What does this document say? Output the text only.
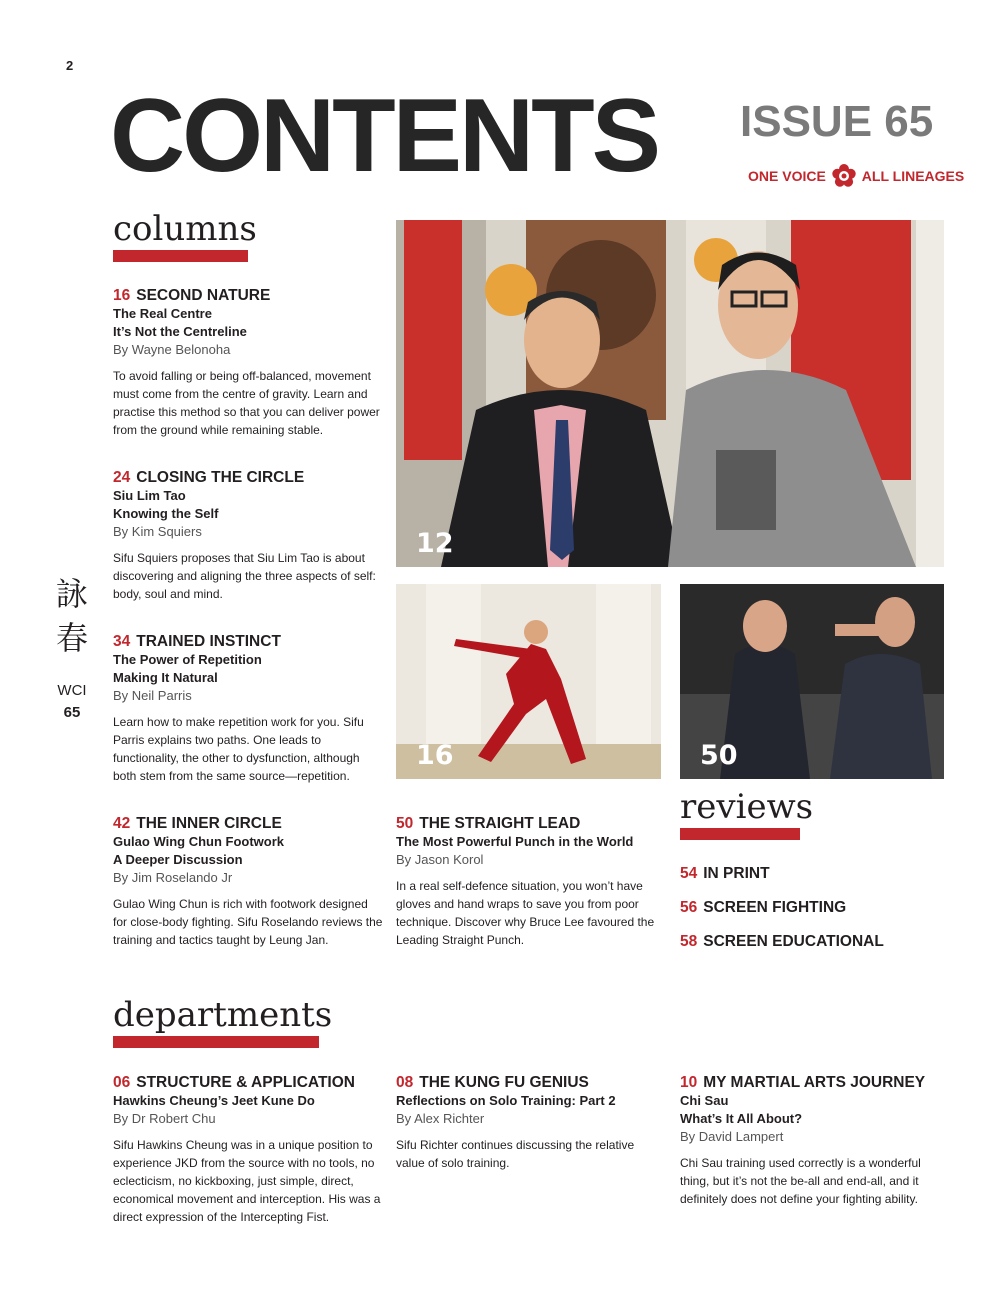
2
CONTENTS ISSUE 65
ONE VOICE	ALL LINEAGES
詠
春
WCI
65
columns
16 SECOND NATURE
The Real Centre
It’s Not the Centreline
By Wayne Belonoha
To avoid falling or being off-balanced, movement must come from the centre of gravity. Learn and practise this method so that you can deliver power from the ground while remaining stable.
24 CLOSING THE CIRCLE
Siu Lim Tao
Knowing the Self
By Kim Squiers
Sifu Squiers proposes that Siu Lim Tao is about discovering and aligning the three aspects of self: body, soul and mind.
34 TRAINED INSTINCT
The Power of Repetition
Making It Natural
By Neil Parris
Learn how to make repetition work for you. Sifu Parris explains two paths. One leads to functionality, the other to dysfunction, although both stem from the same source—repetition.
42 THE INNER CIRCLE
Gulao Wing Chun Footwork
A Deeper Discussion
By Jim Roselando Jr
Gulao Wing Chun is rich with footwork designed for close-body fighting. Sifu Roselando reviews the training and tactics taught by Leung Jan.
50 THE STRAIGHT LEAD
The Most Powerful Punch in the World
By Jason Korol
In a real self-defence situation, you won’t have gloves and hand wraps to save you from poor technique. Discover why Bruce Lee favoured the Leading Straight Punch.
12
16	50
reviews
54 IN PRINT
56 SCREEN FIGHTING
58 SCREEN EDUCATIONAL
departments
06 STRUCTURE & APPLICATION
Hawkins Cheung’s Jeet Kune Do
By Dr Robert Chu
Sifu Hawkins Cheung was in a unique position to experience JKD from the source with no tools, no eclecticism, no kickboxing, just simple, direct, economical movement and interception. His was a direct expression of the Intercepting Fist.
08 THE KUNG FU GENIUS
Reflections on Solo Training: Part 2
By Alex Richter
Sifu Richter continues discussing the relative value of solo training.
10 MY MARTIAL ARTS JOURNEY
Chi Sau
What’s It All About?
By David Lampert
Chi Sau training used correctly is a wonderful thing, but it’s not the be-all and end-all, and it definitely does not define your fighting ability.
